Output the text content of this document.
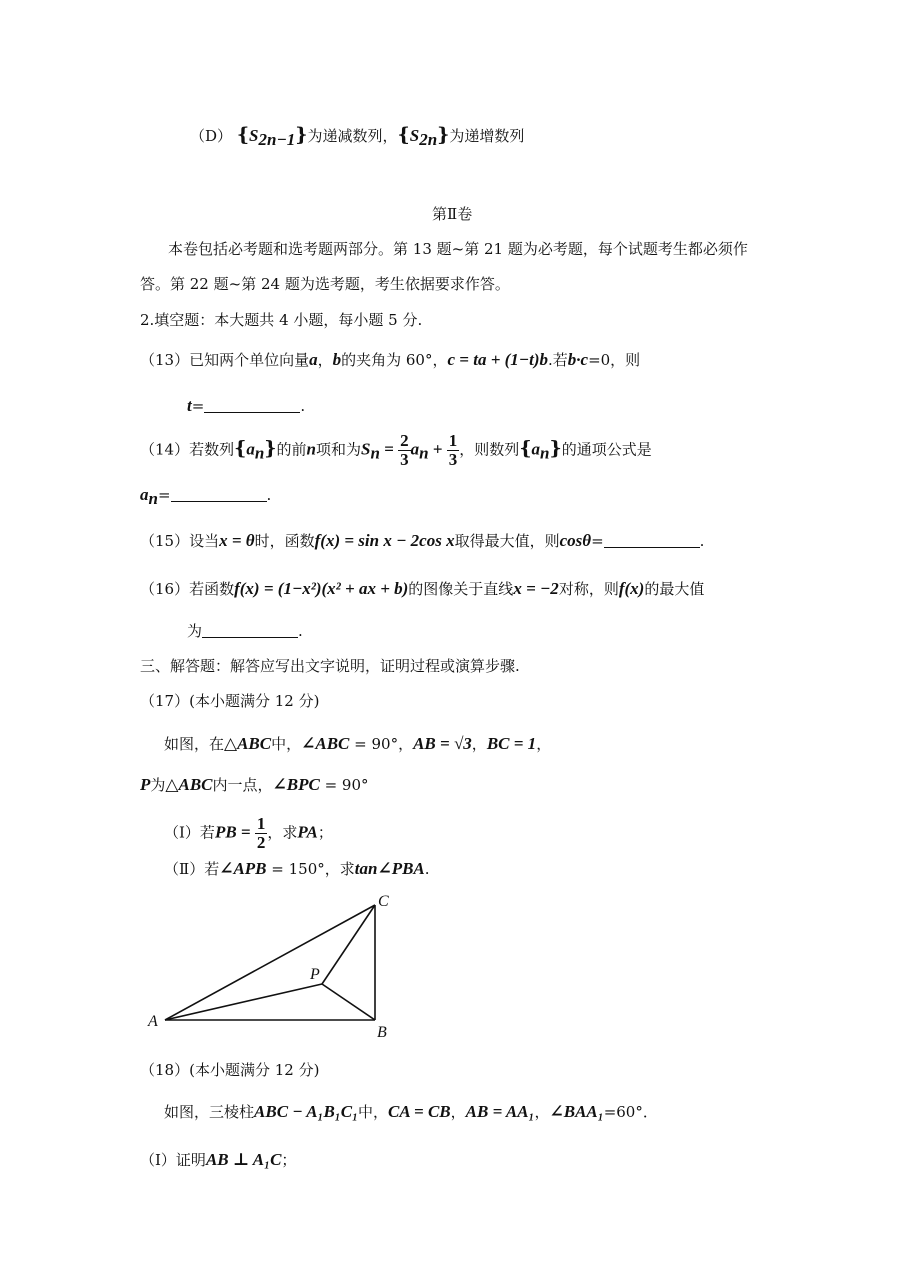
（D） $\{S_{2n-1}\}$为递减数列，$\{S_{2n}\}$为递增数列
第Ⅱ卷
本卷包括必考题和选考题两部分。第 13 题~第 21 题为必考题，每个试题考生都必须作
答。第 22 题~第 24 题为选考题，考生依据要求作答。
2.填空题：本大题共 4 小题，每小题 5 分.
（13）已知两个单位向量a，b的夹角为 60°，c = ta + (1−t)b.若b·c=0，则
t=	.
（14）若数列$\{a_n\}$的前n项和为$S_n = \frac{2}{3} a_n + \frac{1}{3}$ ，则数列$\{a_n\}$的通项公式是
$a_n=$	.
（15）设当x = θ时，函数f(x) = sin x − 2cos x取得最大值，则cosθ=	.
（16）若函数f(x) = (1−x²)(x² + ax + b)的图像关于直线x = −2对称，则f(x)的最大值
为	.
三、解答题：解答应写出文字说明，证明过程或演算步骤.
（17）(本小题满分 12 分)
如图，在△ABC中，∠ABC = 90°，AB = √3，BC = 1，
P为△ABC内一点，∠BPC = 90°
（Ⅰ）若PB = $\frac{1}{2}$ ，求PA；
（Ⅱ）若∠APB = 150°，求tan∠PBA.
A
B
C
P
（18）(本小题满分 12 分)
如图，三棱柱ABC − A₁B₁C₁中，CA = CB，AB = AA₁，∠BAA₁=60°．
（Ⅰ）证明AB ⊥ A₁C；
